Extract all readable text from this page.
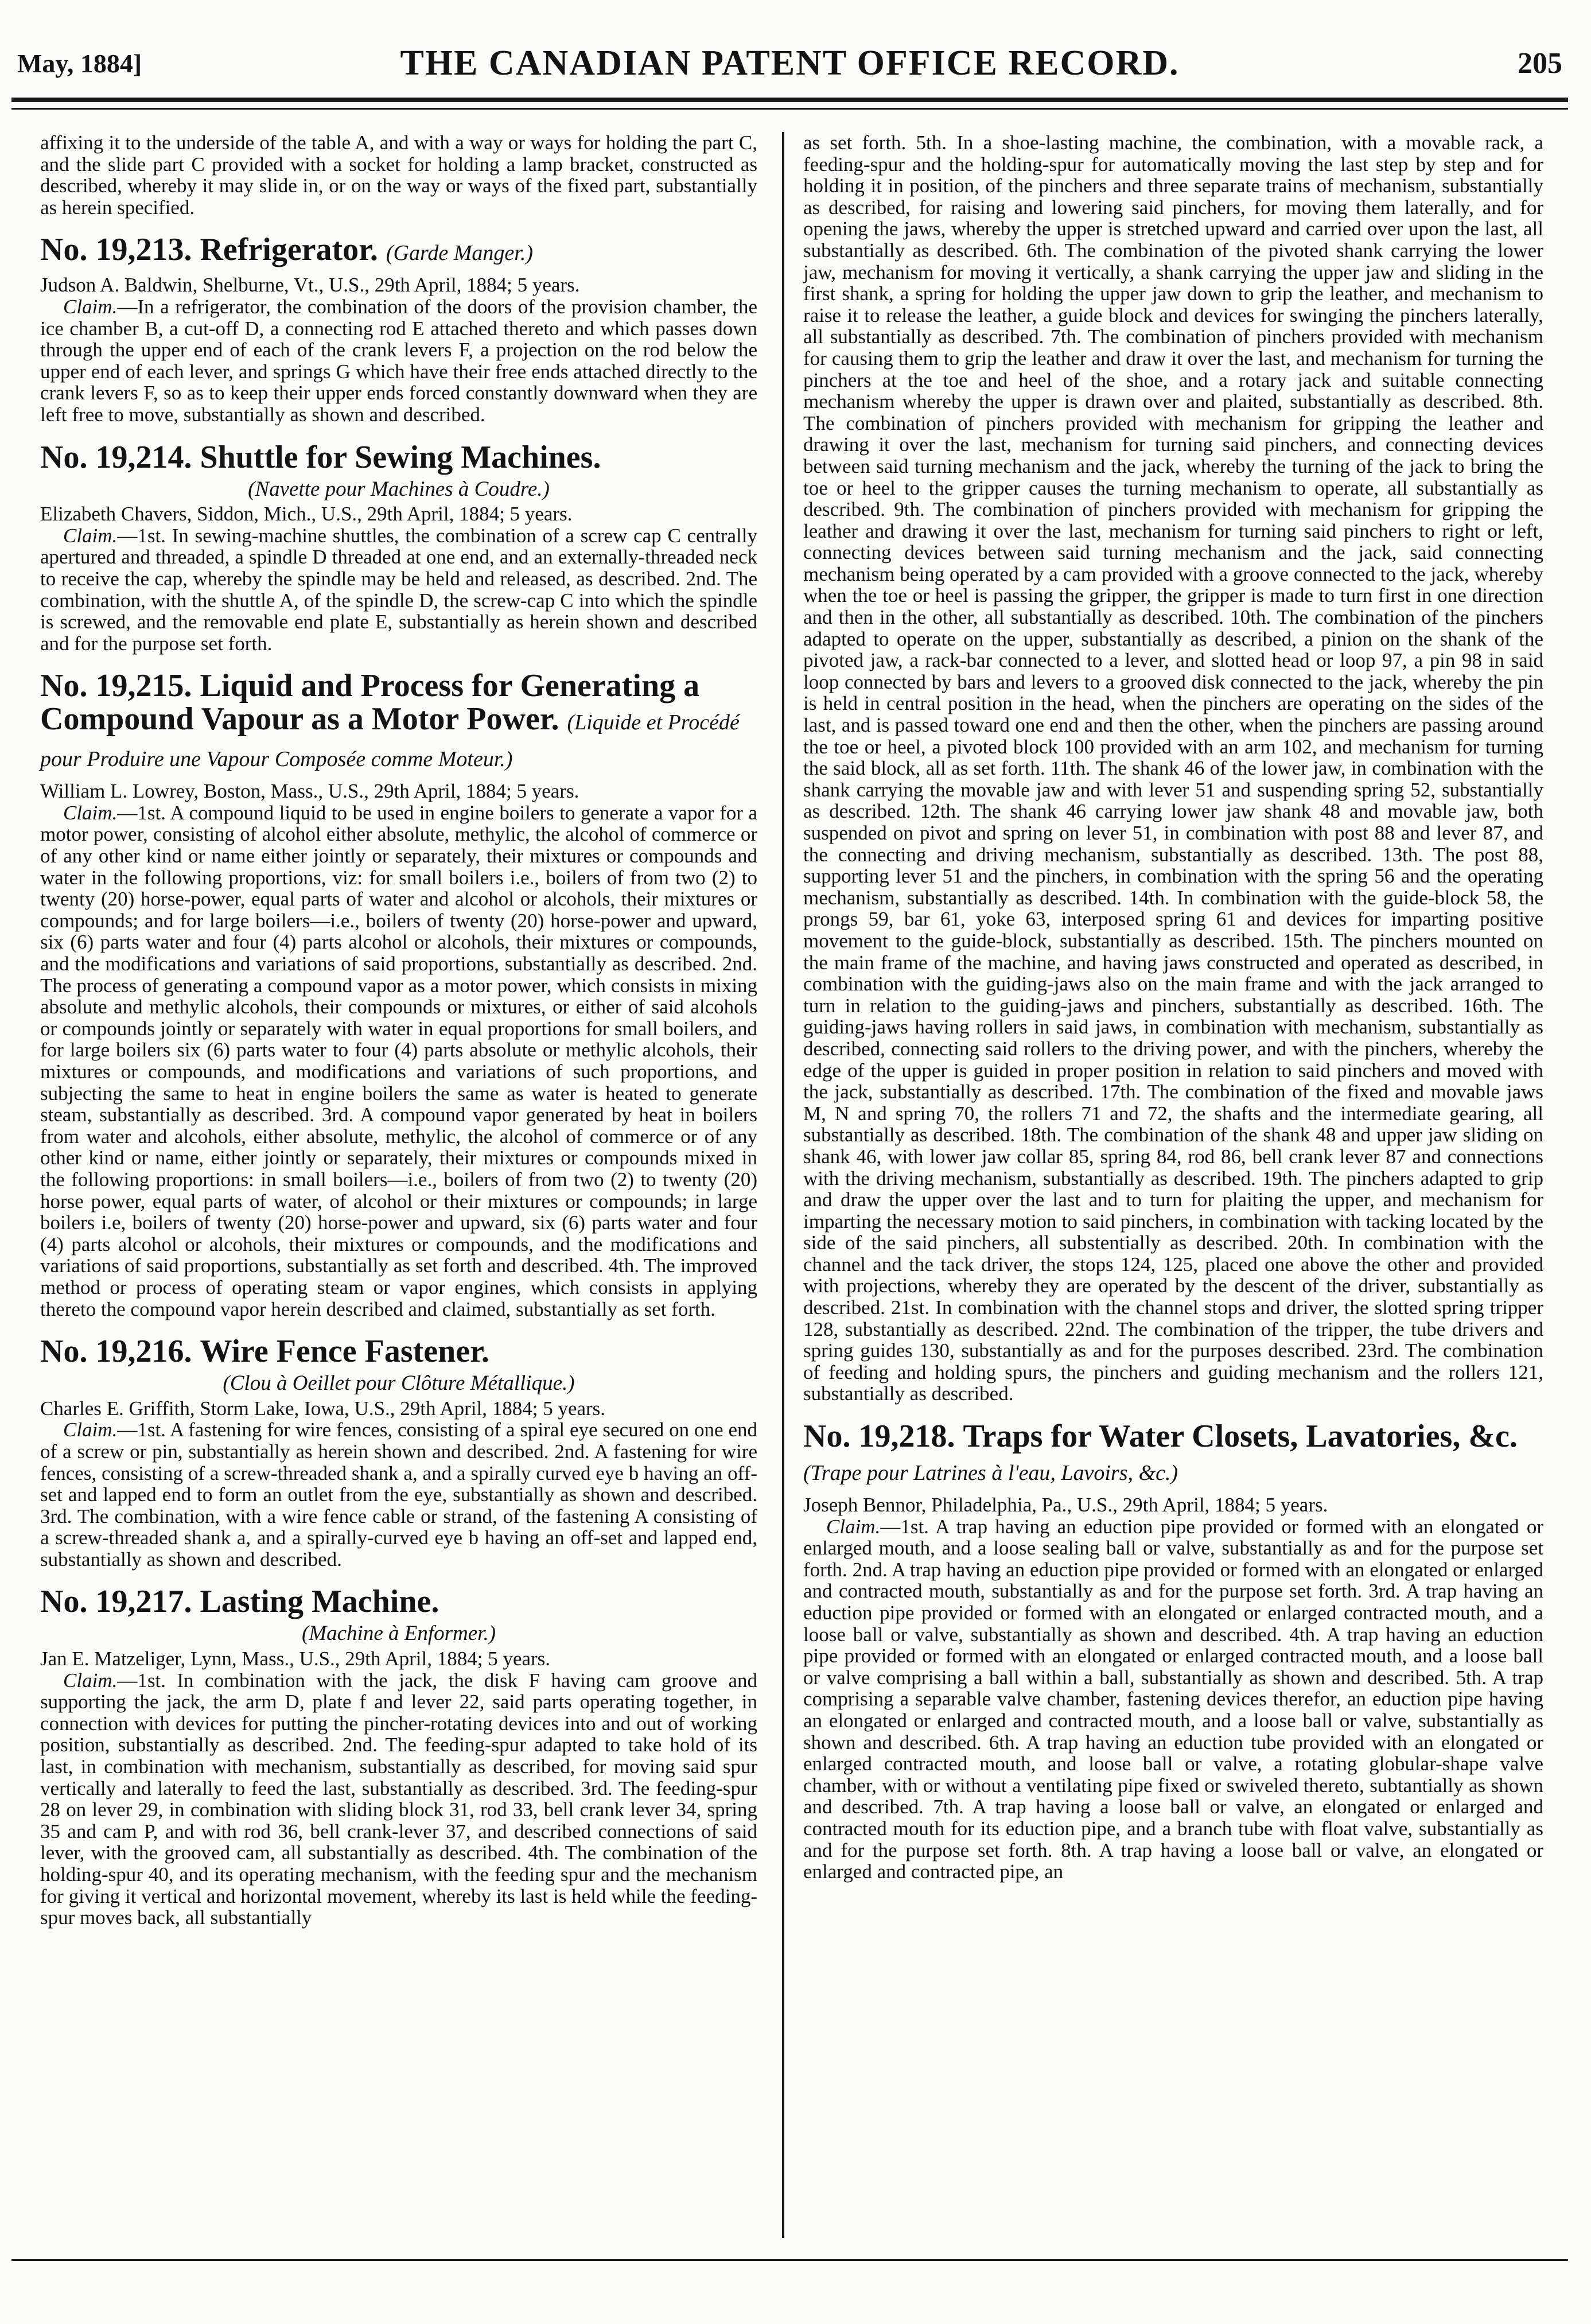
May, 1884]	THE CANADIAN PATENT OFFICE RECORD.	205

affixing it to the underside of the table A, and with a way or ways for holding the part C, and the slide part C provided with a socket for holding a lamp bracket, constructed as described, whereby it may slide in, or on the way or ways of the fixed part, substantially as herein specified.

No. 19,213. Refrigerator. (Garde Manger.)

Judson A. Baldwin, Shelburne, Vt., U.S., 29th April, 1884; 5 years.

Claim.—In a refrigerator, the combination of the doors of the provision chamber, the ice chamber B, a cut-off D, a connecting rod E attached thereto and which passes down through the upper end of each of the crank levers F, a projection on the rod below the upper end of each lever, and springs G which have their free ends attached directly to the crank levers F, so as to keep their upper ends forced constantly downward when they are left free to move, substantially as shown and described.

No. 19,214. Shuttle for Sewing Machines.
(Navette pour Machines à Coudre.)

Elizabeth Chavers, Siddon, Mich., U.S., 29th April, 1884; 5 years.

Claim.—1st. In sewing-machine shuttles, the combination of a screw cap C centrally apertured and threaded, a spindle D threaded at one end, and an externally-threaded neck to receive the cap, whereby the spindle may be held and released, as described. 2nd. The combination, with the shuttle A, of the spindle D, the screw-cap C into which the spindle is screwed, and the removable end plate E, substantially as herein shown and described and for the purpose set forth.

No. 19,215. Liquid and Process for Generating a Compound Vapour as a Motor Power. (Liquide et Procédé pour Produire une Vapour Composée comme Moteur.)

William L. Lowrey, Boston, Mass., U.S., 29th April, 1884; 5 years.

Claim.—1st. A compound liquid to be used in engine boilers to generate a vapor for a motor power, consisting of alcohol either absolute, methylic, the alcohol of commerce or of any other kind or name either jointly or separately, their mixtures or compounds and water in the following proportions, viz: for small boilers i.e., boilers of from two (2) to twenty (20) horse-power, equal parts of water and alcohol or alcohols, their mixtures or compounds; and for large boilers—i.e., boilers of twenty (20) horse-power and upward, six (6) parts water and four (4) parts alcohol or alcohols, their mixtures or compounds, and the modifications and variations of said proportions, substantially as described. 2nd. The process of generating a compound vapor as a motor power, which consists in mixing absolute and methylic alcohols, their compounds or mixtures, or either of said alcohols or compounds jointly or separately with water in equal proportions for small boilers, and for large boilers six (6) parts water to four (4) parts absolute or methylic alcohols, their mixtures or compounds, and modifications and variations of such proportions, and subjecting the same to heat in engine boilers the same as water is heated to generate steam, substantially as described. 3rd. A compound vapor generated by heat in boilers from water and alcohols, either absolute, methylic, the alcohol of commerce or of any other kind or name, either jointly or separately, their mixtures or compounds mixed in the following proportions: in small boilers—i.e., boilers of from two (2) to twenty (20) horse power, equal parts of water, of alcohol or their mixtures or compounds; in large boilers i.e, boilers of twenty (20) horse-power and upward, six (6) parts water and four (4) parts alcohol or alcohols, their mixtures or compounds, and the modifications and variations of said proportions, substantially as set forth and described. 4th. The improved method or process of operating steam or vapor engines, which consists in applying thereto the compound vapor herein described and claimed, substantially as set forth.

No. 19,216. Wire Fence Fastener.
(Clou à Oeillet pour Clôture Métallique.)

Charles E. Griffith, Storm Lake, Iowa, U.S., 29th April, 1884; 5 years.

Claim.—1st. A fastening for wire fences, consisting of a spiral eye secured on one end of a screw or pin, substantially as herein shown and described. 2nd. A fastening for wire fences, consisting of a screw-threaded shank a, and a spirally curved eye b having an off-set and lapped end to form an outlet from the eye, substantially as shown and described. 3rd. The combination, with a wire fence cable or strand, of the fastening A consisting of a screw-threaded shank a, and a spirally-curved eye b having an off-set and lapped end, substantially as shown and described.

No. 19,217. Lasting Machine.
(Machine à Enformer.)

Jan E. Matzeliger, Lynn, Mass., U.S., 29th April, 1884; 5 years.

Claim.—1st. In combination with the jack, the disk F having cam groove and supporting the jack, the arm D, plate f and lever 22, said parts operating together, in connection with devices for putting the pincher-rotating devices into and out of working position, substantially as described. 2nd. The feeding-spur adapted to take hold of its last, in combination with mechanism, substantially as described, for moving said spur vertically and laterally to feed the last, substantially as described. 3rd. The feeding-spur 28 on lever 29, in combination with sliding block 31, rod 33, bell crank lever 34, spring 35 and cam P, and with rod 36, bell crank-lever 37, and described connections of said lever, with the grooved cam, all substantially as described. 4th. The combination of the holding-spur 40, and its operating mechanism, with the feeding spur and the mechanism for giving it vertical and horizontal movement, whereby its last is held while the feeding-spur moves back, all substantially

as set forth. 5th. In a shoe-lasting machine, the combination, with a movable rack, a feeding-spur and the holding-spur for automatically moving the last step by step and for holding it in position, of the pinchers and three separate trains of mechanism, substantially as described, for raising and lowering said pinchers, for moving them laterally, and for opening the jaws, whereby the upper is stretched upward and carried over upon the last, all substantially as described. 6th. The combination of the pivoted shank carrying the lower jaw, mechanism for moving it vertically, a shank carrying the upper jaw and sliding in the first shank, a spring for holding the upper jaw down to grip the leather, and mechanism to raise it to release the leather, a guide block and devices for swinging the pinchers laterally, all substantially as described. 7th. The combination of pinchers provided with mechanism for causing them to grip the leather and draw it over the last, and mechanism for turning the pinchers at the toe and heel of the shoe, and a rotary jack and suitable connecting mechanism whereby the upper is drawn over and plaited, substantially as described. 8th. The combination of pinchers provided with mechanism for gripping the leather and drawing it over the last, mechanism for turning said pinchers, and connecting devices between said turning mechanism and the jack, whereby the turning of the jack to bring the toe or heel to the gripper causes the turning mechanism to operate, all substantially as described. 9th. The combination of pinchers provided with mechanism for gripping the leather and drawing it over the last, mechanism for turning said pinchers to right or left, connecting devices between said turning mechanism and the jack, said connecting mechanism being operated by a cam provided with a groove connected to the jack, whereby when the toe or heel is passing the gripper, the gripper is made to turn first in one direction and then in the other, all substantially as described. 10th. The combination of the pinchers adapted to operate on the upper, substantially as described, a pinion on the shank of the pivoted jaw, a rack-bar connected to a lever, and slotted head or loop 97, a pin 98 in said loop connected by bars and levers to a grooved disk connected to the jack, whereby the pin is held in central position in the head, when the pinchers are operating on the sides of the last, and is passed toward one end and then the other, when the pinchers are passing around the toe or heel, a pivoted block 100 provided with an arm 102, and mechanism for turning the said block, all as set forth. 11th. The shank 46 of the lower jaw, in combination with the shank carrying the movable jaw and with lever 51 and suspending spring 52, substantially as described. 12th. The shank 46 carrying lower jaw shank 48 and movable jaw, both suspended on pivot and spring on lever 51, in combination with post 88 and lever 87, and the connecting and driving mechanism, substantially as described. 13th. The post 88, supporting lever 51 and the pinchers, in combination with the spring 56 and the operating mechanism, substantially as described. 14th. In combination with the guide-block 58, the prongs 59, bar 61, yoke 63, interposed spring 61 and devices for imparting positive movement to the guide-block, substantially as described. 15th. The pinchers mounted on the main frame of the machine, and having jaws constructed and operated as described, in combination with the guiding-jaws also on the main frame and with the jack arranged to turn in relation to the guiding-jaws and pinchers, substantially as described. 16th. The guiding-jaws having rollers in said jaws, in combination with mechanism, substantially as described, connecting said rollers to the driving power, and with the pinchers, whereby the edge of the upper is guided in proper position in relation to said pinchers and moved with the jack, substantially as described. 17th. The combination of the fixed and movable jaws M, N and spring 70, the rollers 71 and 72, the shafts and the intermediate gearing, all substantially as described. 18th. The combination of the shank 48 and upper jaw sliding on shank 46, with lower jaw collar 85, spring 84, rod 86, bell crank lever 87 and connections with the driving mechanism, substantially as described. 19th. The pinchers adapted to grip and draw the upper over the last and to turn for plaiting the upper, and mechanism for imparting the necessary motion to said pinchers, in combination with tacking located by the side of the said pinchers, all substentially as described. 20th. In combination with the channel and the tack driver, the stops 124, 125, placed one above the other and provided with projections, whereby they are operated by the descent of the driver, substantially as described. 21st. In combination with the channel stops and driver, the slotted spring tripper 128, substantially as described. 22nd. The combination of the tripper, the tube drivers and spring guides 130, substantially as and for the purposes described. 23rd. The combination of feeding and holding spurs, the pinchers and guiding mechanism and the rollers 121, substantially as described.

No. 19,218. Traps for Water Closets, Lavatories, &c. (Trape pour Latrines à l'eau, Lavoirs, &c.)

Joseph Bennor, Philadelphia, Pa., U.S., 29th April, 1884; 5 years.

Claim.—1st. A trap having an eduction pipe provided or formed with an elongated or enlarged mouth, and a loose sealing ball or valve, substantially as and for the purpose set forth. 2nd. A trap having an eduction pipe provided or formed with an elongated or enlarged and contracted mouth, substantially as and for the purpose set forth. 3rd. A trap having an eduction pipe provided or formed with an elongated or enlarged contracted mouth, and a loose ball or valve, substantially as shown and described. 4th. A trap having an eduction pipe provided or formed with an elongated or enlarged contracted mouth, and a loose ball or valve comprising a ball within a ball, substantially as shown and described. 5th. A trap comprising a separable valve chamber, fastening devices therefor, an eduction pipe having an elongated or enlarged and contracted mouth, and a loose ball or valve, substantially as shown and described. 6th. A trap having an eduction tube provided with an elongated or enlarged contracted mouth, and loose ball or valve, a rotating globular-shape valve chamber, with or without a ventilating pipe fixed or swiveled thereto, subtantially as shown and described. 7th. A trap having a loose ball or valve, an elongated or enlarged and contracted mouth for its eduction pipe, and a branch tube with float valve, substantially as and for the purpose set forth. 8th. A trap having a loose ball or valve, an elongated or enlarged and contracted pipe, an
